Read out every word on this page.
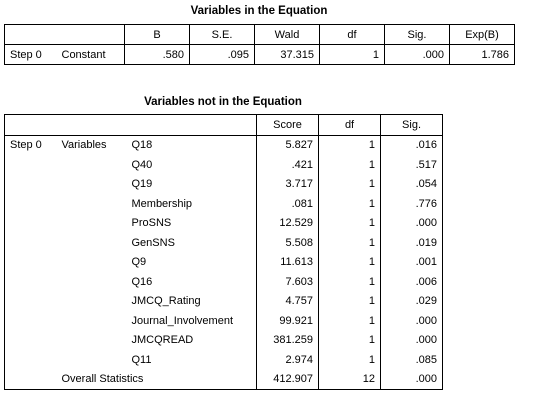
Variables in the Equation
		B	S.E.	Wald	df	Sig.	Exp(B)
Step 0	Constant	.580	.095	37.315	1	.000	1.786
Variables not in the Equation
			Score	df	Sig.
Step 0	Variables	Q18	5.827	1	.016
		Q40	.421	1	.517
		Q19	3.717	1	.054
		Membership	.081	1	.776
		ProSNS	12.529	1	.000
		GenSNS	5.508	1	.019
		Q9	11.613	1	.001
		Q16	7.603	1	.006
		JMCQ_Rating	4.757	1	.029
		Journal_Involvement	99.921	1	.000
		JMCQREAD	381.259	1	.000
		Q11	2.974	1	.085
	Overall Statistics		412.907	12	.000
